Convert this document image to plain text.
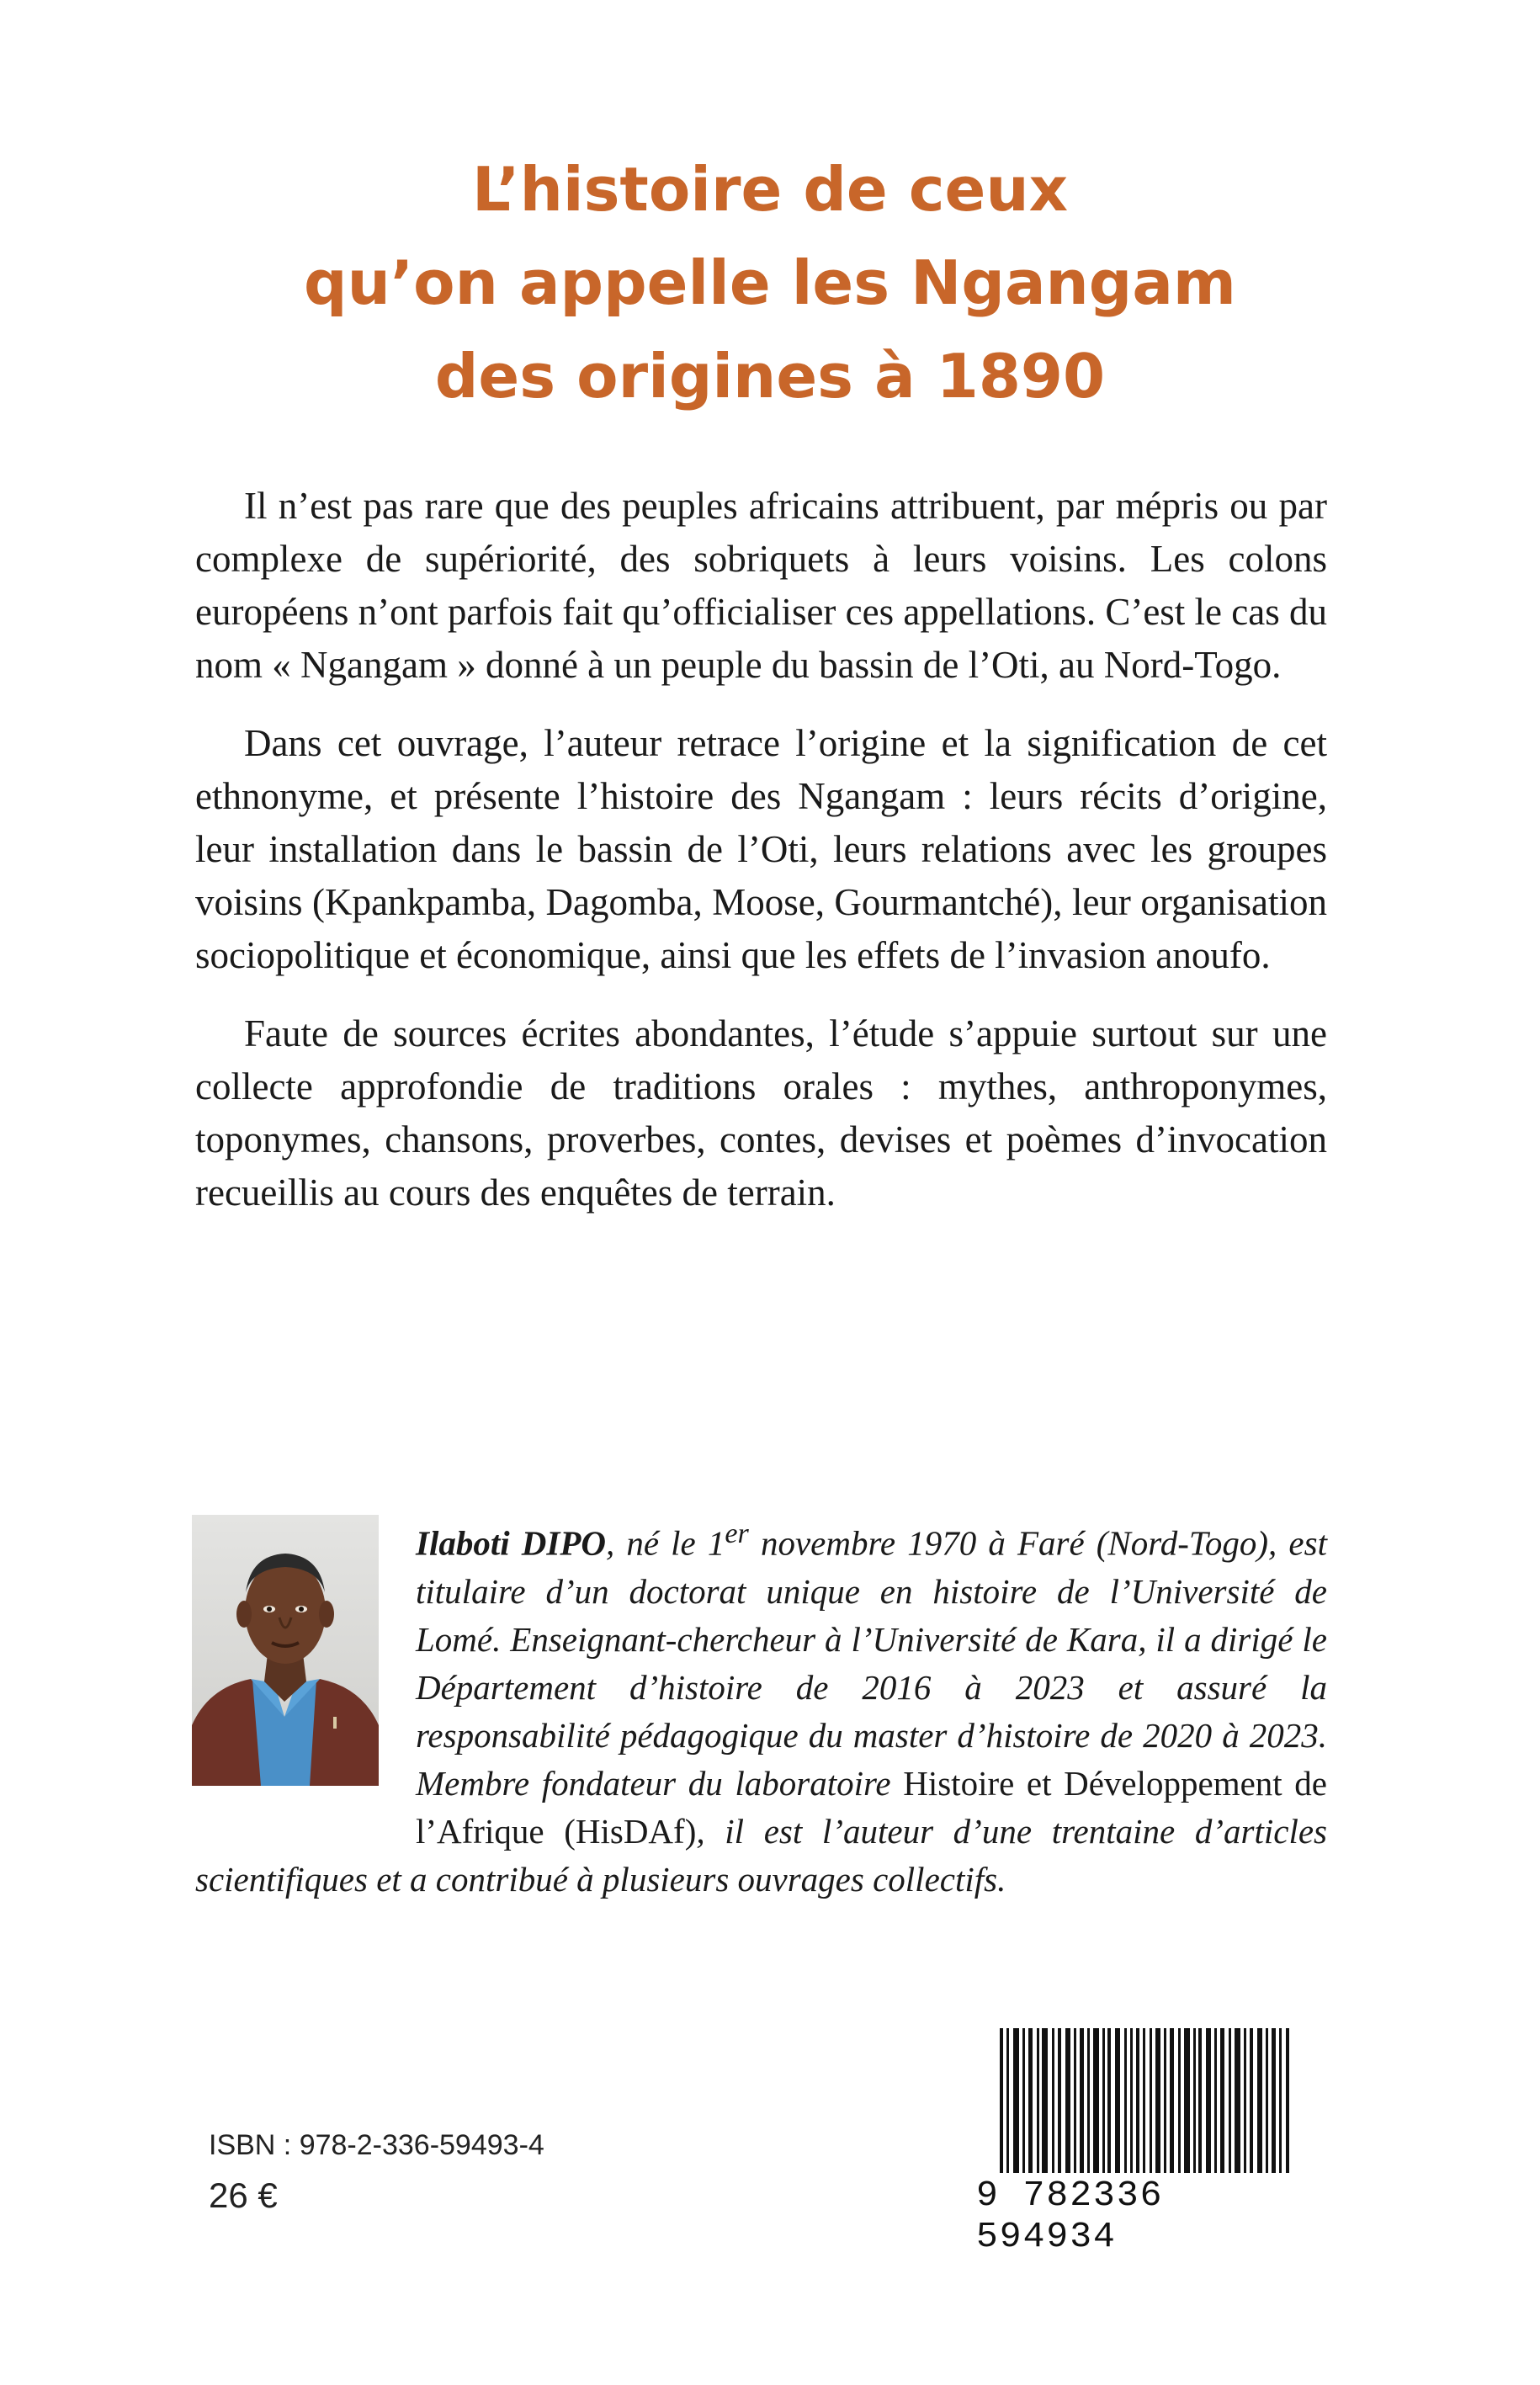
L’histoire de ceux
qu’on appelle les Ngangam
des origines à 1890

Il n’est pas rare que des peuples africains attribuent, par mépris ou par complexe de supériorité, des sobriquets à leurs voisins. Les colons européens n’ont parfois fait qu’officialiser ces appellations. C’est le cas du nom « Ngangam » donné à un peuple du bassin de l’Oti, au Nord-Togo.

Dans cet ouvrage, l’auteur retrace l’origine et la signification de cet ethnonyme, et présente l’histoire des Ngangam : leurs récits d’origine, leur installation dans le bassin de l’Oti, leurs relations avec les groupes voisins (Kpankpamba, Dagomba, Moose, Gourmantché), leur organisation sociopolitique et économique, ainsi que les effets de l’invasion anoufo.

Faute de sources écrites abondantes, l’étude s’appuie surtout sur une collecte approfondie de traditions orales : mythes, anthroponymes, toponymes, chansons, proverbes, contes, devises et poèmes d’invocation recueillis au cours des enquêtes de terrain.

Ilaboti DIPO, né le 1er novembre 1970 à Faré (Nord-Togo), est titulaire d’un doctorat unique en histoire de l’Université de Lomé. Enseignant-chercheur à l’Université de Kara, il a dirigé le Département d’histoire de 2016 à 2023 et assuré la responsabilité pédagogique du master d’histoire de 2020 à 2023. Membre fondateur du laboratoire Histoire et Développement de l’Afrique (HisDAf), il est l’auteur d’une trentaine d’articles scientifiques et a contribué à plusieurs ouvrages collectifs.
ISBN : 978-2-336-59493-4
26 €	9 782336 594934
